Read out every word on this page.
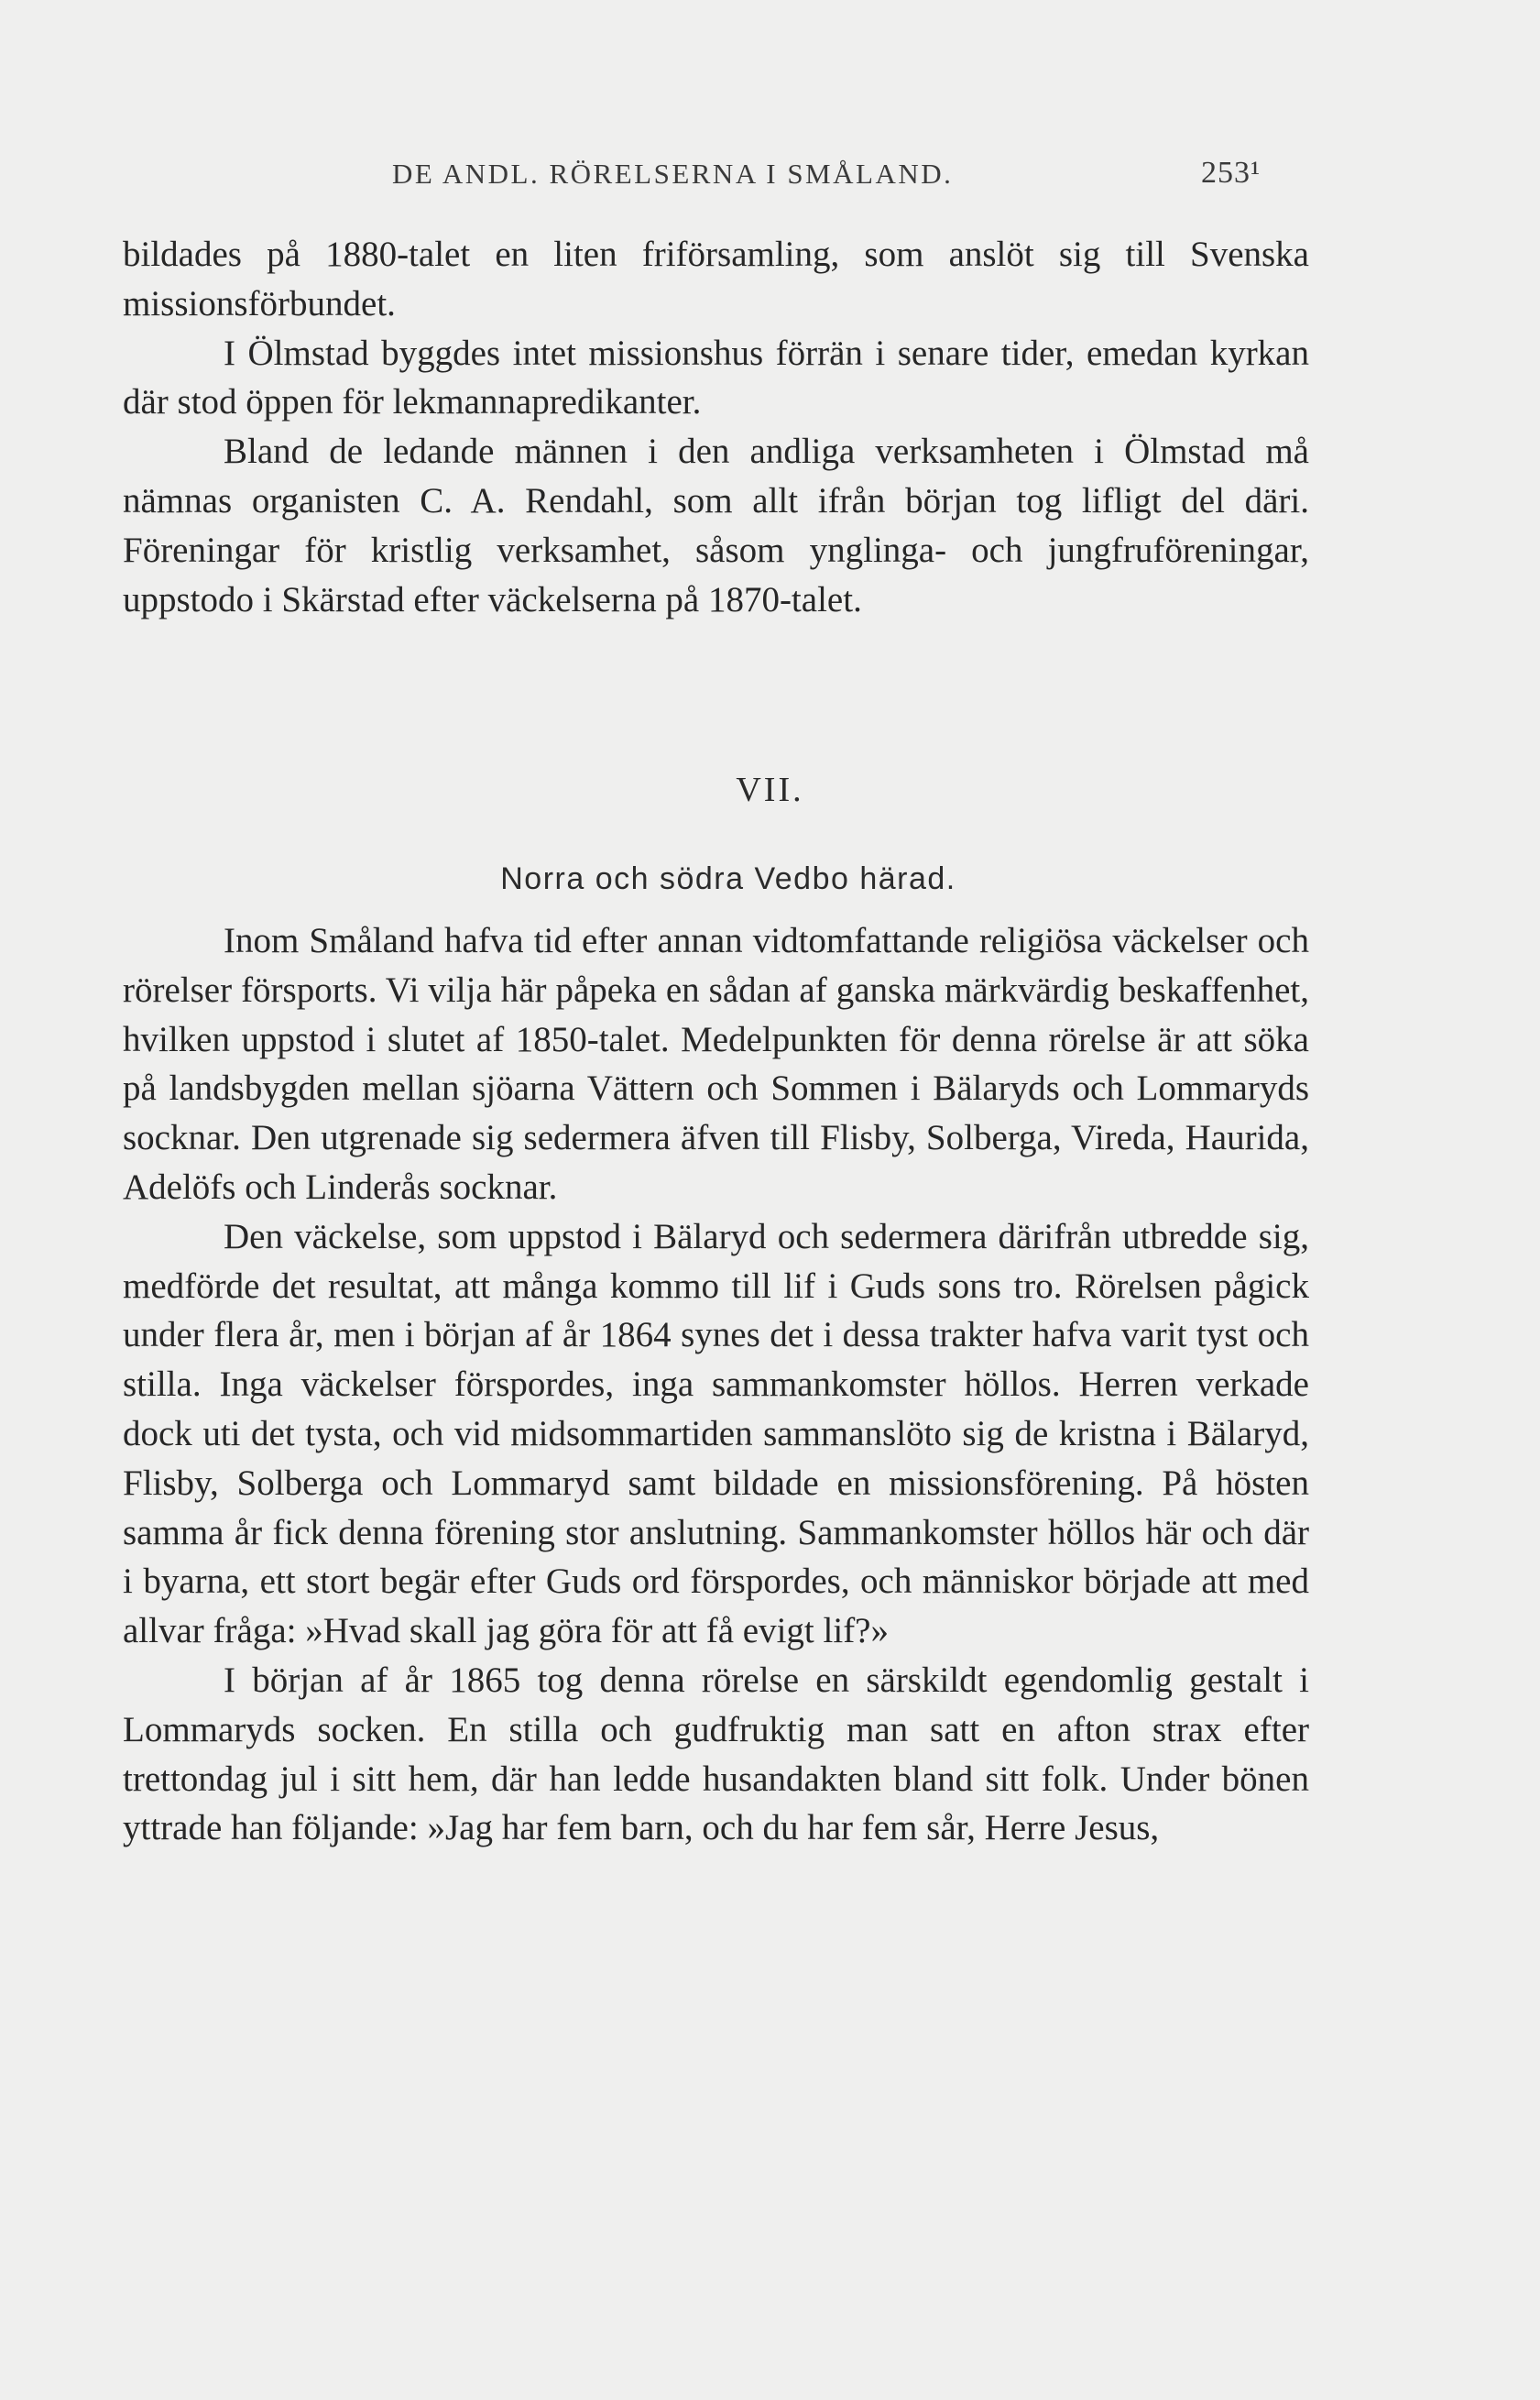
DE ANDL. RÖRELSERNA I SMÅLAND.	253¹

bildades på 1880-talet en liten friförsamling, som anslöt sig till Svenska missionsförbundet.

I Ölmstad byggdes intet missionshus förrän i senare tider, emedan kyrkan där stod öppen för lekmannapredikanter.

Bland de ledande männen i den andliga verksamheten i Ölmstad må nämnas organisten C. A. Rendahl, som allt ifrån början tog lifligt del däri. Föreningar för kristlig verksamhet, såsom ynglinga- och jungfruföreningar, uppstodo i Skärstad efter väckelserna på 1870-talet.

VII.
Norra och södra Vedbo härad.

Inom Småland hafva tid efter annan vidtomfattande religiösa väckelser och rörelser försports. Vi vilja här påpeka en sådan af ganska märkvärdig beskaffenhet, hvilken uppstod i slutet af 1850-talet. Medelpunkten för denna rörelse är att söka på landsbygden mellan sjöarna Vättern och Sommen i Bälaryds och Lommaryds socknar. Den utgrenade sig sedermera äfven till Flisby, Solberga, Vireda, Haurida, Adelöfs och Linderås socknar.

Den väckelse, som uppstod i Bälaryd och sedermera därifrån utbredde sig, medförde det resultat, att många kommo till lif i Guds sons tro. Rörelsen pågick under flera år, men i början af år 1864 synes det i dessa trakter hafva varit tyst och stilla. Inga väckelser förspordes, inga sammankomster höllos. Herren verkade dock uti det tysta, och vid midsommartiden sammanslöto sig de kristna i Bälaryd, Flisby, Solberga och Lommaryd samt bildade en missionsförening. På hösten samma år fick denna förening stor anslutning. Sammankomster höllos här och där i byarna, ett stort begär efter Guds ord förspordes, och människor började att med allvar fråga: »Hvad skall jag göra för att få evigt lif?»

I början af år 1865 tog denna rörelse en särskildt egendomlig gestalt i Lommaryds socken. En stilla och gudfruktig man satt en afton strax efter trettondag jul i sitt hem, där han ledde husandakten bland sitt folk. Under bönen yttrade han följande: »Jag har fem barn, och du har fem sår, Herre Jesus,
